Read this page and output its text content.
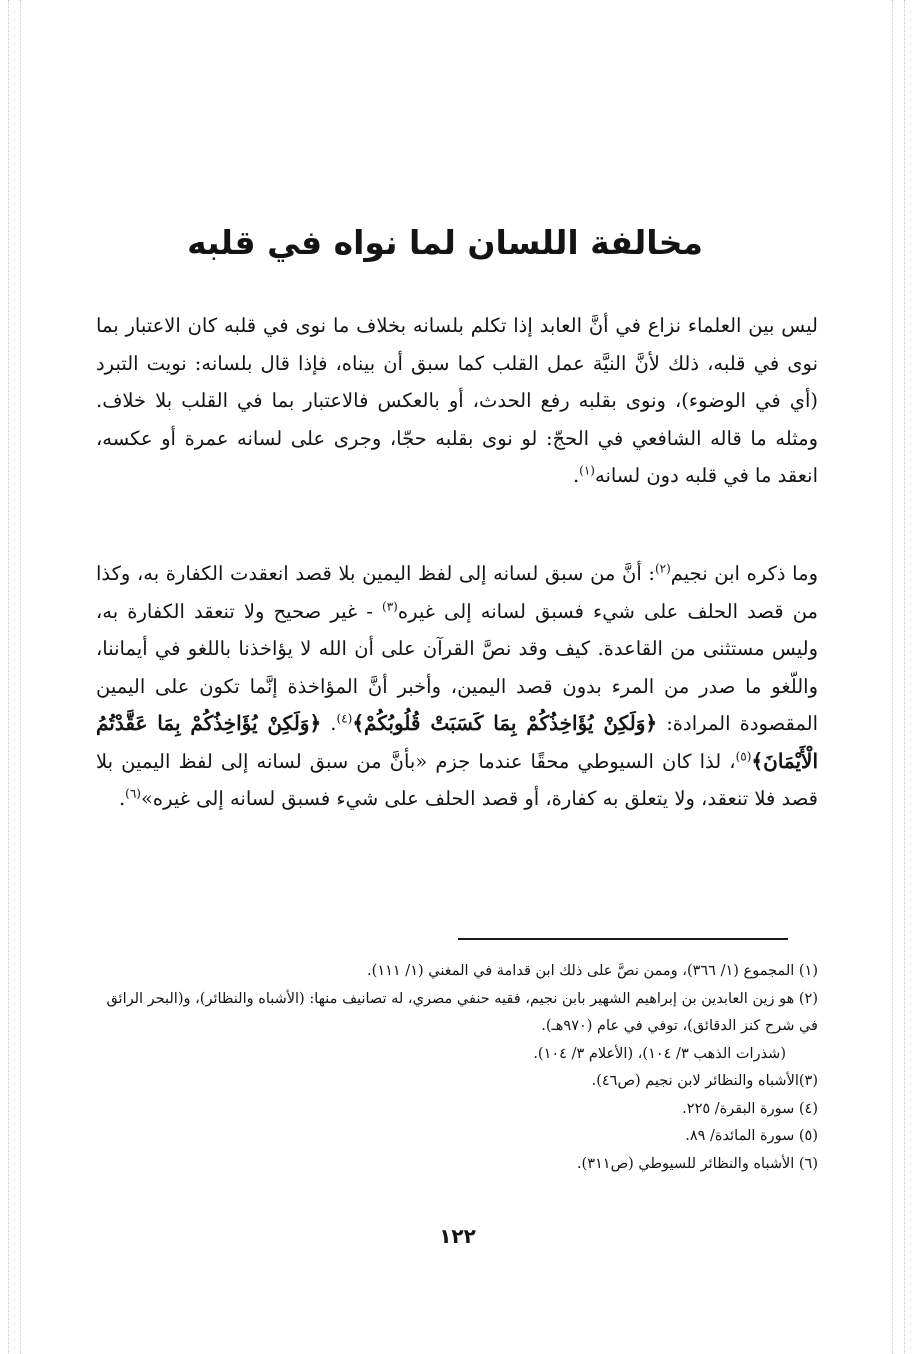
مخالفة اللسان لما نواه في قلبه

ليس بين العلماء نزاع في أنَّ العابد إذا تكلم بلسانه بخلاف ما نوى في قلبه كان الاعتبار بما نوى في قلبه، ذلك لأنَّ النيَّة عمل القلب كما سبق أن بيناه، فإذا قال بلسانه: نويت التبرد (أي في الوضوء)، ونوى بقلبه رفع الحدث، أو بالعكس فالاعتبار بما في القلب بلا خلاف. ومثله ما قاله الشافعي في الحجّ: لو نوى بقلبه حجّا، وجرى على لسانه عمرة أو عكسه، انعقد ما في قلبه دون لسانه$^{(١)}$.

وما ذكره ابن نجيم$^{(٢)}$: أنَّ من سبق لسانه إلى لفظ اليمين بلا قصد انعقدت الكفارة به، وكذا من قصد الحلف على شيء فسبق لسانه إلى غيره$^{(٣)}$ - غير صحيح ولا تنعقد الكفارة به، وليس مستثنى من القاعدة. كيف وقد نصَّ القرآن على أن الله لا يؤاخذنا باللغو في أيماننا، واللّغو ما صدر من المرء بدون قصد اليمين، وأخبر أنَّ المؤاخذة إنَّما تكون على اليمين المقصودة المرادة: ﴿وَلَكِنْ يُؤَاخِذُكُمْ بِمَا كَسَبَتْ قُلُوبُكُمْ﴾$^{(٤)}$. ﴿وَلَكِنْ يُؤَاخِذُكُمْ بِمَا عَقَّدْتُمُ الْأَيْمَانَ﴾$^{(٥)}$، لذا كان السيوطي محقًا عندما جزم «بأنَّ من سبق لسانه إلى لفظ اليمين بلا قصد فلا تنعقد، ولا يتعلق به كفارة، أو قصد الحلف على شيء فسبق لسانه إلى غيره»$^{(٦)}$.

(١) المجموع (١/ ٣٦٦)، وممن نصَّ على ذلك ابن قدامة في المغني (١/ ١١١).
(٢) هو زين العابدين بن إبراهيم الشهير بابن نجيم، فقيه حنفي مصري، له تصانيف منها: (الأشباه والنظائر)، و(البحر الرائق في شرح كنز الدقائق)، توفي في عام (٩٧٠هـ).
(شذرات الذهب ٣/ ١٠٤)، (الأعلام ٣/ ١٠٤).
(٣)الأشباه والنظائر لابن نجيم (ص٤٦).
(٤) سورة البقرة/ ٢٢٥.
(٥) سورة المائدة/ ٨٩.
(٦) الأشباه والنظائر للسيوطي (ص٣١١).
١٢٢
